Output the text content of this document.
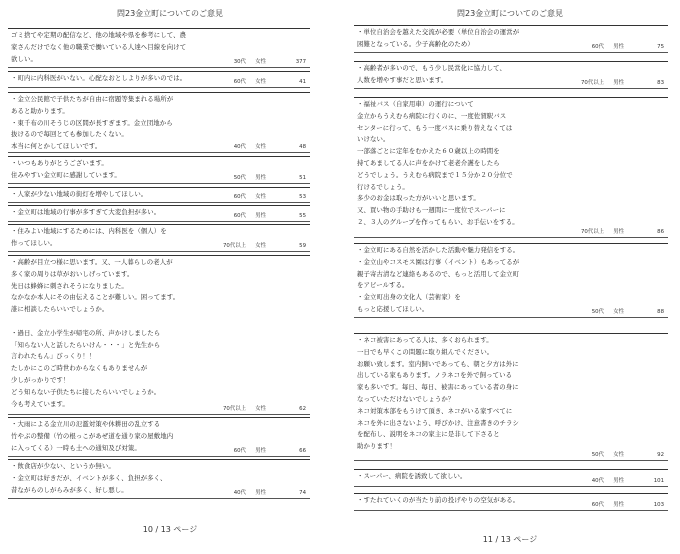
問23金立町についてのご意見
ゴミ捨てや定期の配信など、他の地域や県を参考にして、農
家さんだけでなく他の職業で働いている人達へ目線を向けて
欲しい。	30代 女性	377
・町内に内科医がいない。心配なおとしよりが多いのでは。	60代 女性	41
・金立公民館で子供たちが自由に宿題等集まれる場所が
あると助かります。
・東千布の川そうじの区間が長すぎます。金立団地から
抜けるので毎回とても参加したくない。
本当に何とかしてほしいです。	40代 女性	48
・いつもありがとうございます。
住みやすい金立町に感謝しています。	50代 男性	51
・人家が少ない地域の街灯を増やしてほしい。	60代 女性	53
・金立町は地域の行事が多すぎて大変負担が多い。	60代 男性	55
・住みよい地域にするためには、内科医を（個人）を
作ってほしい。	70代以上 女性	59
・高齢が目立つ様に思います。又、一人暮らしの老人が
多く家の周りは草がおいしげっています。
先日は蜂蜂に刺されそうになりました。
なかなか本人にその由伝えることが難しい。困ってます。
誰に相談したらいいでしょうか。

・過日、金立小学生が帰宅の所、声かけしましたら
「知らない人と話したらいけん・・・」と先生から
言われたもん」びっくり！！
たしかにこのご時世わからなくもありませんが
少しがっかりです！
どう知らない子供たちに接したらいいでしょうか。
今も考えています。
70代以上 女性	62
・大雨による金立川の氾濫対策や休耕田の乱立する
竹やぶの整備（竹の根っこがあぜ道を通り家の屋敷地内
に入ってくる）一時も土への通知及び対策。	60代 男性	66
・飲食店が少ない、というか無い。
・金立町は好きだが、イベントが多く、負担が多く、
昔ながらのしがらみが多く、好し悪し。	40代 男性	74
10 / 13 ページ
問23金立町についてのご意見
・単位自治会を越えた交流が必要（単位自治会の運営が
困難となっている。少子高齢化のため）	60代 男性	75
・高齢者が多いので、もう少し民営化に協力して、
人数を増やす事だと思います。	70代以上 男性	83
・福祉バス（自家用車）の運行について
金立からうえむら病院に行くのに、一度佐賀駅バス
センターに行って、もう一度バスに乗り替えなくては
いけない。
一部落ごとに定年をむかえた６０歳以上の時間を
持てあましてる人に声をかけて老老介護をしたら
どうでしょう。うえむら病院まで１５分か２０分位で
行けるでしょう。
多少のお金は取った方がいいと思います。
又、買い物の手助けも一週間に一度位でスーパーに
２、３人のグループを作ってもらい、お手伝いをする。
70代以上 男性	86
・金立町にある自然を活かした活動や魅力発信をする。
・金立山やコスモス園は行事（イベント）もあってるが
親子寄古清など連絡もあるので、もっと活用して金立町
をアピールする。
・金立町出身の文化人（芸術家）を
もっと応援してほしい。	50代 女性	88
・ネコ被害にあってる人は、多くおられます。
一日でも早くこの問題に取り組んでください。
お願い致します。室内飼いであっても、朝と夕方は外に
出している家もあります。ノラネコを外で飼っている
家も多いです。毎日、毎日、被害にあっている者の身に
なっていただけないでしょうか？
ネコ対策本部をもうけて頂き、ネコがいる家すべてに
ネコを外に出さないよう、呼びかけ、注意書きのチラシ
を配布し、説明をネコの家主に是非して下さると
助かります！
50代 女性	92
・スーパー、病院を誘致して欲しい。
40代 男性	101
・すたれていくのが当たり前の投げやりの空気がある。
60代 男性	103
11 / 13 ページ
